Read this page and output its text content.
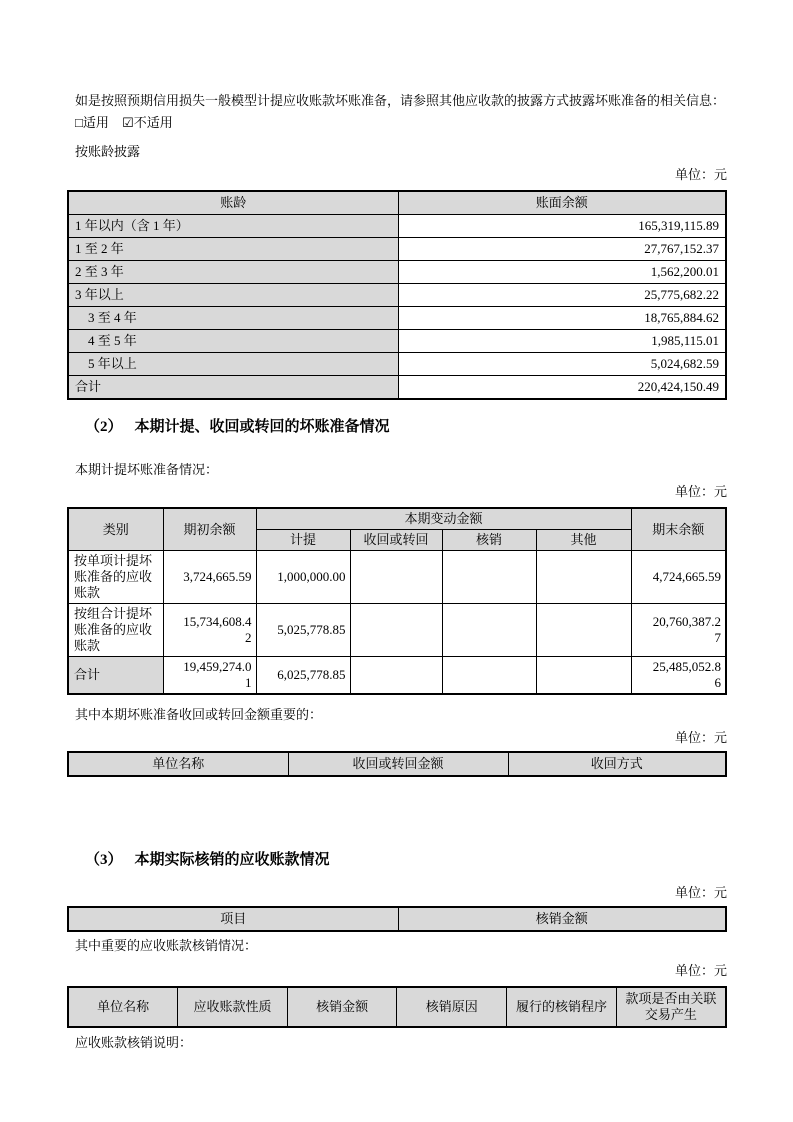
如是按照预期信用损失一般模型计提应收账款坏账准备，请参照其他应收款的披露方式披露坏账准备的相关信息：

□适用 ☑不适用

按账龄披露

单位：元
账龄	账面余额
1 年以内（含 1 年）	165,319,115.89
1 至 2 年	27,767,152.37
2 至 3 年	1,562,200.01
3 年以上	25,775,682.22
3 至 4 年	18,765,884.62
4 至 5 年	1,985,115.01
5 年以上	5,024,682.59
合计	220,424,150.49

（2） 本期计提、收回或转回的坏账准备情况

本期计提坏账准备情况：

单位：元
类别	期初余额	本期变动金额				期末余额
		计提	收回或转回	核销	其他	
按单项计提坏账准备的应收账款	3,724,665.59	1,000,000.00				4,724,665.59
按组合计提坏账准备的应收账款	15,734,608.42	5,025,778.85				20,760,387.27
合计	19,459,274.01	6,025,778.85				25,485,052.86

其中本期坏账准备收回或转回金额重要的：

单位：元
单位名称	收回或转回金额	收回方式

（3） 本期实际核销的应收账款情况

单位：元
项目	核销金额

其中重要的应收账款核销情况：

单位：元
单位名称	应收账款性质	核销金额	核销原因	履行的核销程序	款项是否由关联交易产生

应收账款核销说明：
